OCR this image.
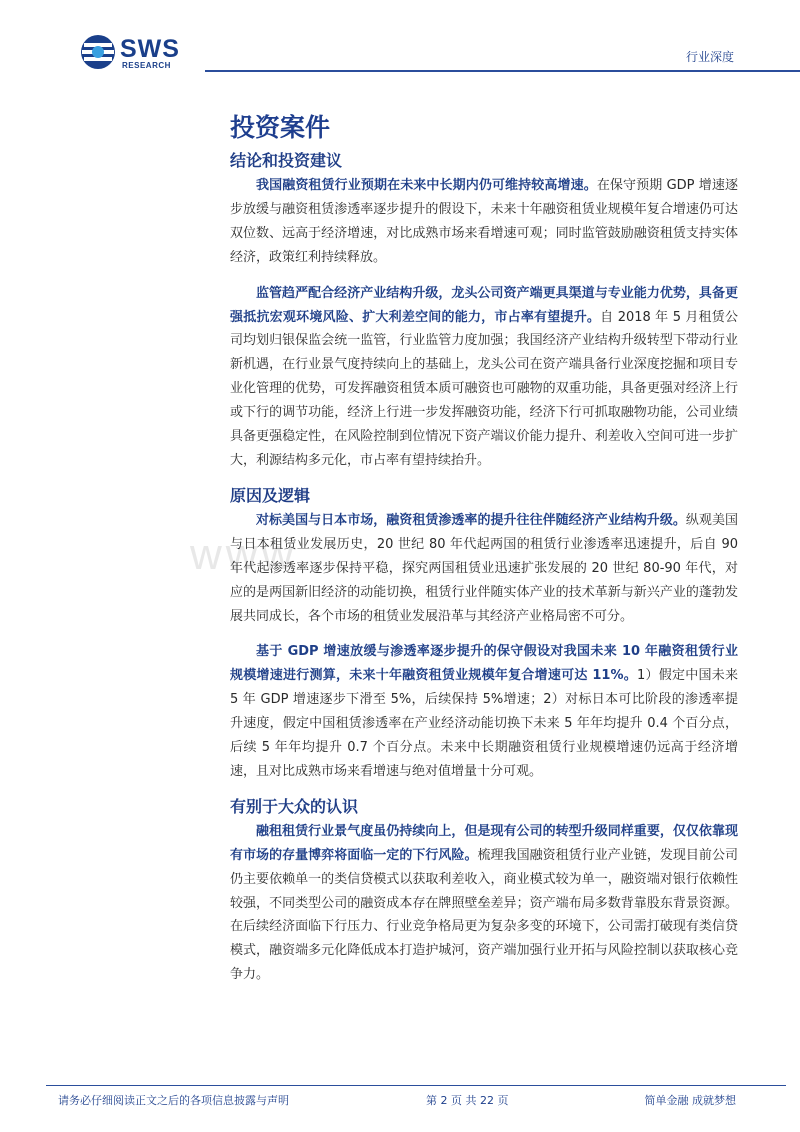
SWS
RESEARCH
行业深度
www.
投资案件
结论和投资建议

我国融资租赁行业预期在未来中长期内仍可维持较高增速。在保守预期 GDP 增速逐步放缓与融资租赁渗透率逐步提升的假设下，未来十年融资租赁业规模年复合增速仍可达双位数、远高于经济增速，对比成熟市场来看增速可观；同时监管鼓励融资租赁支持实体经济，政策红利持续释放。

监管趋严配合经济产业结构升级，龙头公司资产端更具渠道与专业能力优势，具备更强抵抗宏观环境风险、扩大利差空间的能力，市占率有望提升。自 2018 年 5 月租赁公司均划归银保监会统一监管，行业监管力度加强；我国经济产业结构升级转型下带动行业新机遇，在行业景气度持续向上的基础上，龙头公司在资产端具备行业深度挖掘和项目专业化管理的优势，可发挥融资租赁本质可融资也可融物的双重功能，具备更强对经济上行或下行的调节功能，经济上行进一步发挥融资功能，经济下行可抓取融物功能，公司业绩具备更强稳定性，在风险控制到位情况下资产端议价能力提升、利差收入空间可进一步扩大，利源结构多元化，市占率有望持续抬升。

原因及逻辑

对标美国与日本市场，融资租赁渗透率的提升往往伴随经济产业结构升级。纵观美国与日本租赁业发展历史，20 世纪 80 年代起两国的租赁行业渗透率迅速提升，后自 90 年代起渗透率逐步保持平稳，探究两国租赁业迅速扩张发展的 20 世纪 80-90 年代，对应的是两国新旧经济的动能切换，租赁行业伴随实体产业的技术革新与新兴产业的蓬勃发展共同成长，各个市场的租赁业发展沿革与其经济产业格局密不可分。

基于 GDP 增速放缓与渗透率逐步提升的保守假设对我国未来 10 年融资租赁行业规模增速进行测算，未来十年融资租赁业规模年复合增速可达 11%。1）假定中国未来 5 年 GDP 增速逐步下滑至 5%，后续保持 5%增速；2）对标日本可比阶段的渗透率提升速度，假定中国租赁渗透率在产业经济动能切换下未来 5 年年均提升 0.4 个百分点，后续 5 年年均提升 0.7 个百分点。未来中长期融资租赁行业规模增速仍远高于经济增速，且对比成熟市场来看增速与绝对值增量十分可观。

有别于大众的认识

融租租赁行业景气度虽仍持续向上，但是现有公司的转型升级同样重要，仅仅依靠现有市场的存量博弈将面临一定的下行风险。梳理我国融资租赁行业产业链，发现目前公司仍主要依赖单一的类信贷模式以获取利差收入，商业模式较为单一，融资端对银行依赖性较强，不同类型公司的融资成本存在牌照壁垒差异；资产端布局多数背靠股东背景资源。在后续经济面临下行压力、行业竞争格局更为复杂多变的环境下，公司需打破现有类信贷模式，融资端多元化降低成本打造护城河，资产端加强行业开拓与风险控制以获取核心竞争力。

请务必仔细阅读正文之后的各项信息披露与声明	第 2 页 共 22 页	简单金融 成就梦想
